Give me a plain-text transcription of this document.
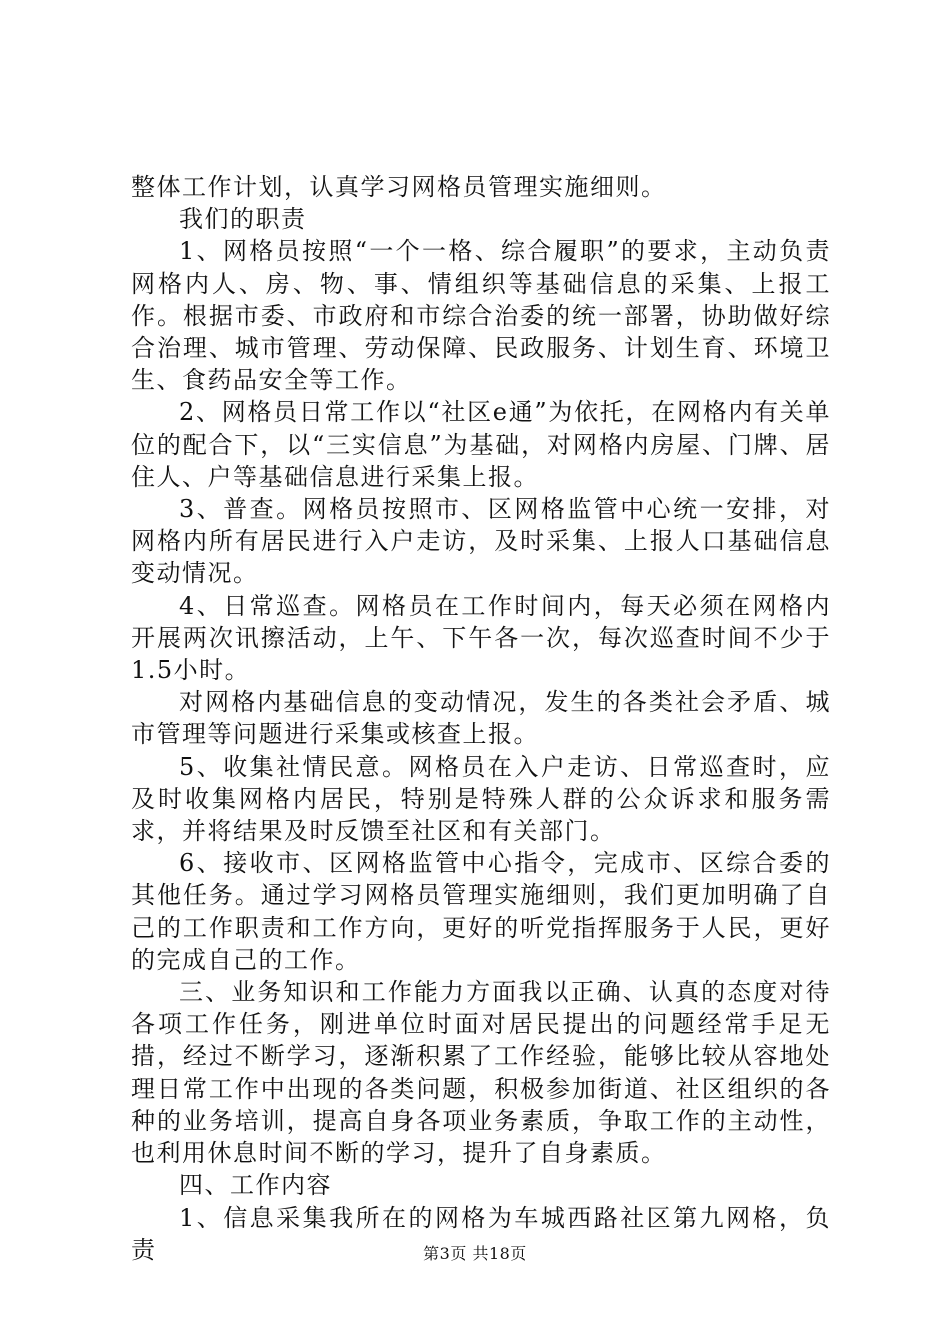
整体工作计划，认真学习网格员管理实施细则。

我们的职责

1、网格员按照“一个一格、综合履职”的要求，主动负责网格内人、房、物、事、情组织等基础信息的采集、上报工作。根据市委、市政府和市综合治委的统一部署，协助做好综合治理、城市管理、劳动保障、民政服务、计划生育、环境卫生、食药品安全等工作。

2、网格员日常工作以“社区e通”为依托，在网格内有关单位的配合下，以“三实信息”为基础，对网格内房屋、门牌、居住人、户等基础信息进行采集上报。

3、普查。网格员按照市、区网格监管中心统一安排，对网格内所有居民进行入户走访，及时采集、上报人口基础信息变动情况。

4、日常巡查。网格员在工作时间内，每天必须在网格内开展两次讯擦活动，上午、下午各一次，每次巡查时间不少于1.5小时。

对网格内基础信息的变动情况，发生的各类社会矛盾、城市管理等问题进行采集或核查上报。

5、收集社情民意。网格员在入户走访、日常巡查时，应及时收集网格内居民，特别是特殊人群的公众诉求和服务需求，并将结果及时反馈至社区和有关部门。

6、接收市、区网格监管中心指令，完成市、区综合委的其他任务。通过学习网格员管理实施细则，我们更加明确了自己的工作职责和工作方向，更好的听党指挥服务于人民，更好的完成自己的工作。

三、业务知识和工作能力方面我以正确、认真的态度对待各项工作任务，刚进单位时面对居民提出的问题经常手足无措，经过不断学习，逐渐积累了工作经验，能够比较从容地处理日常工作中出现的各类问题，积极参加街道、社区组织的各种的业务培训，提高自身各项业务素质，争取工作的主动性，也利用休息时间不断的学习，提升了自身素质。

四、工作内容

1、信息采集我所在的网格为车城西路社区第九网格，负责	第3页 共18页
